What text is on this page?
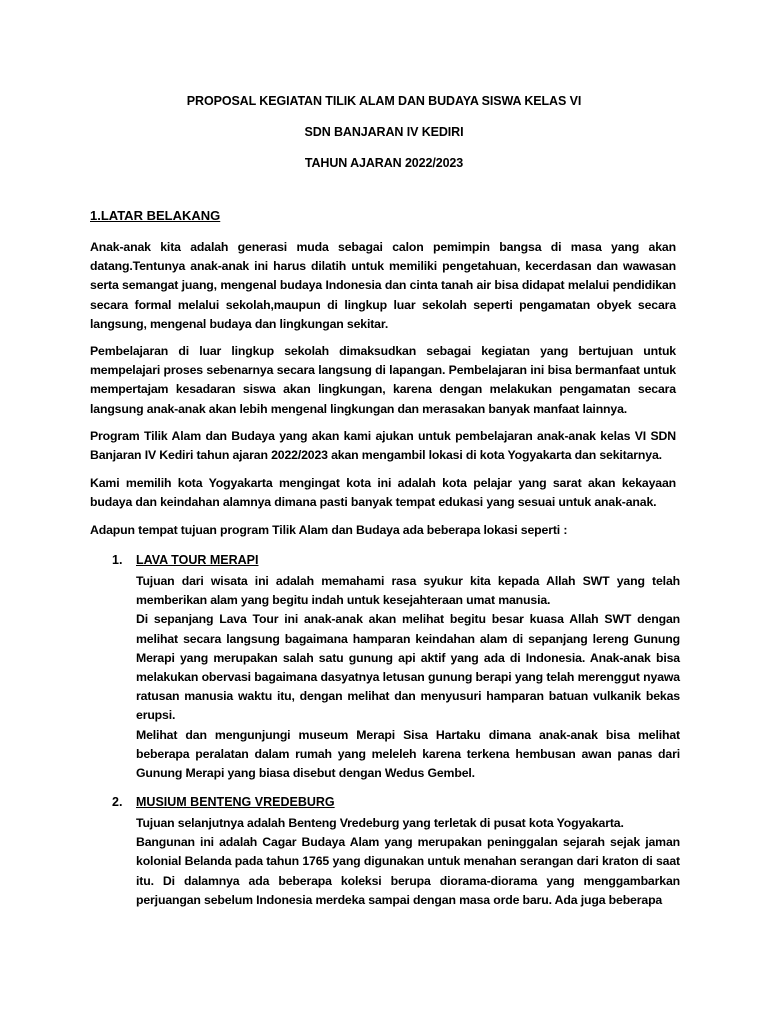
PROPOSAL KEGIATAN TILIK ALAM DAN BUDAYA SISWA KELAS VI
SDN BANJARAN IV KEDIRI
TAHUN AJARAN 2022/2023
1.LATAR BELAKANG

Anak-anak kita adalah generasi muda sebagai calon pemimpin bangsa di masa yang akan datang.Tentunya anak-anak ini harus dilatih untuk memiliki pengetahuan, kecerdasan dan wawasan serta semangat juang, mengenal budaya Indonesia dan cinta tanah air bisa didapat melalui pendidikan secara formal melalui sekolah,maupun di lingkup luar sekolah seperti pengamatan obyek secara langsung, mengenal budaya dan lingkungan sekitar.

Pembelajaran di luar lingkup sekolah dimaksudkan sebagai kegiatan yang bertujuan untuk mempelajari proses sebenarnya secara langsung di lapangan. Pembelajaran ini bisa bermanfaat untuk mempertajam kesadaran siswa akan lingkungan, karena dengan melakukan pengamatan secara langsung anak-anak akan lebih mengenal lingkungan dan merasakan banyak manfaat lainnya.

Program Tilik Alam dan Budaya yang akan kami ajukan untuk pembelajaran anak-anak kelas VI SDN Banjaran IV Kediri tahun ajaran 2022/2023 akan mengambil lokasi di kota Yogyakarta dan sekitarnya.

Kami memilih kota Yogyakarta mengingat kota ini adalah kota pelajar yang sarat akan kekayaan budaya dan keindahan alamnya dimana pasti banyak tempat edukasi yang sesuai untuk anak-anak.

Adapun tempat tujuan program Tilik Alam dan Budaya ada beberapa lokasi seperti :

1. LAVA TOUR MERAPI

Tujuan dari wisata ini adalah memahami rasa syukur kita kepada Allah SWT yang telah memberikan alam yang begitu indah untuk kesejahteraan umat manusia.

Di sepanjang Lava Tour ini anak-anak akan melihat begitu besar kuasa Allah SWT dengan melihat secara langsung bagaimana hamparan keindahan alam di sepanjang lereng Gunung Merapi yang merupakan salah satu gunung api aktif yang ada di Indonesia. Anak-anak bisa melakukan obervasi bagaimana dasyatnya letusan gunung berapi yang telah merenggut nyawa ratusan manusia waktu itu, dengan melihat dan menyusuri hamparan batuan vulkanik bekas erupsi.

Melihat dan mengunjungi museum Merapi Sisa Hartaku dimana anak-anak bisa melihat beberapa peralatan dalam rumah yang meleleh karena terkena hembusan awan panas dari Gunung Merapi yang biasa disebut dengan Wedus Gembel.

2. MUSIUM BENTENG VREDEBURG

Tujuan selanjutnya adalah Benteng Vredeburg yang terletak di pusat kota Yogyakarta.

Bangunan ini adalah Cagar Budaya Alam yang merupakan peninggalan sejarah sejak jaman kolonial Belanda pada tahun 1765 yang digunakan untuk menahan serangan dari kraton di saat itu. Di dalamnya ada beberapa koleksi berupa diorama-diorama yang menggambarkan perjuangan sebelum Indonesia merdeka sampai dengan masa orde baru. Ada juga beberapa
